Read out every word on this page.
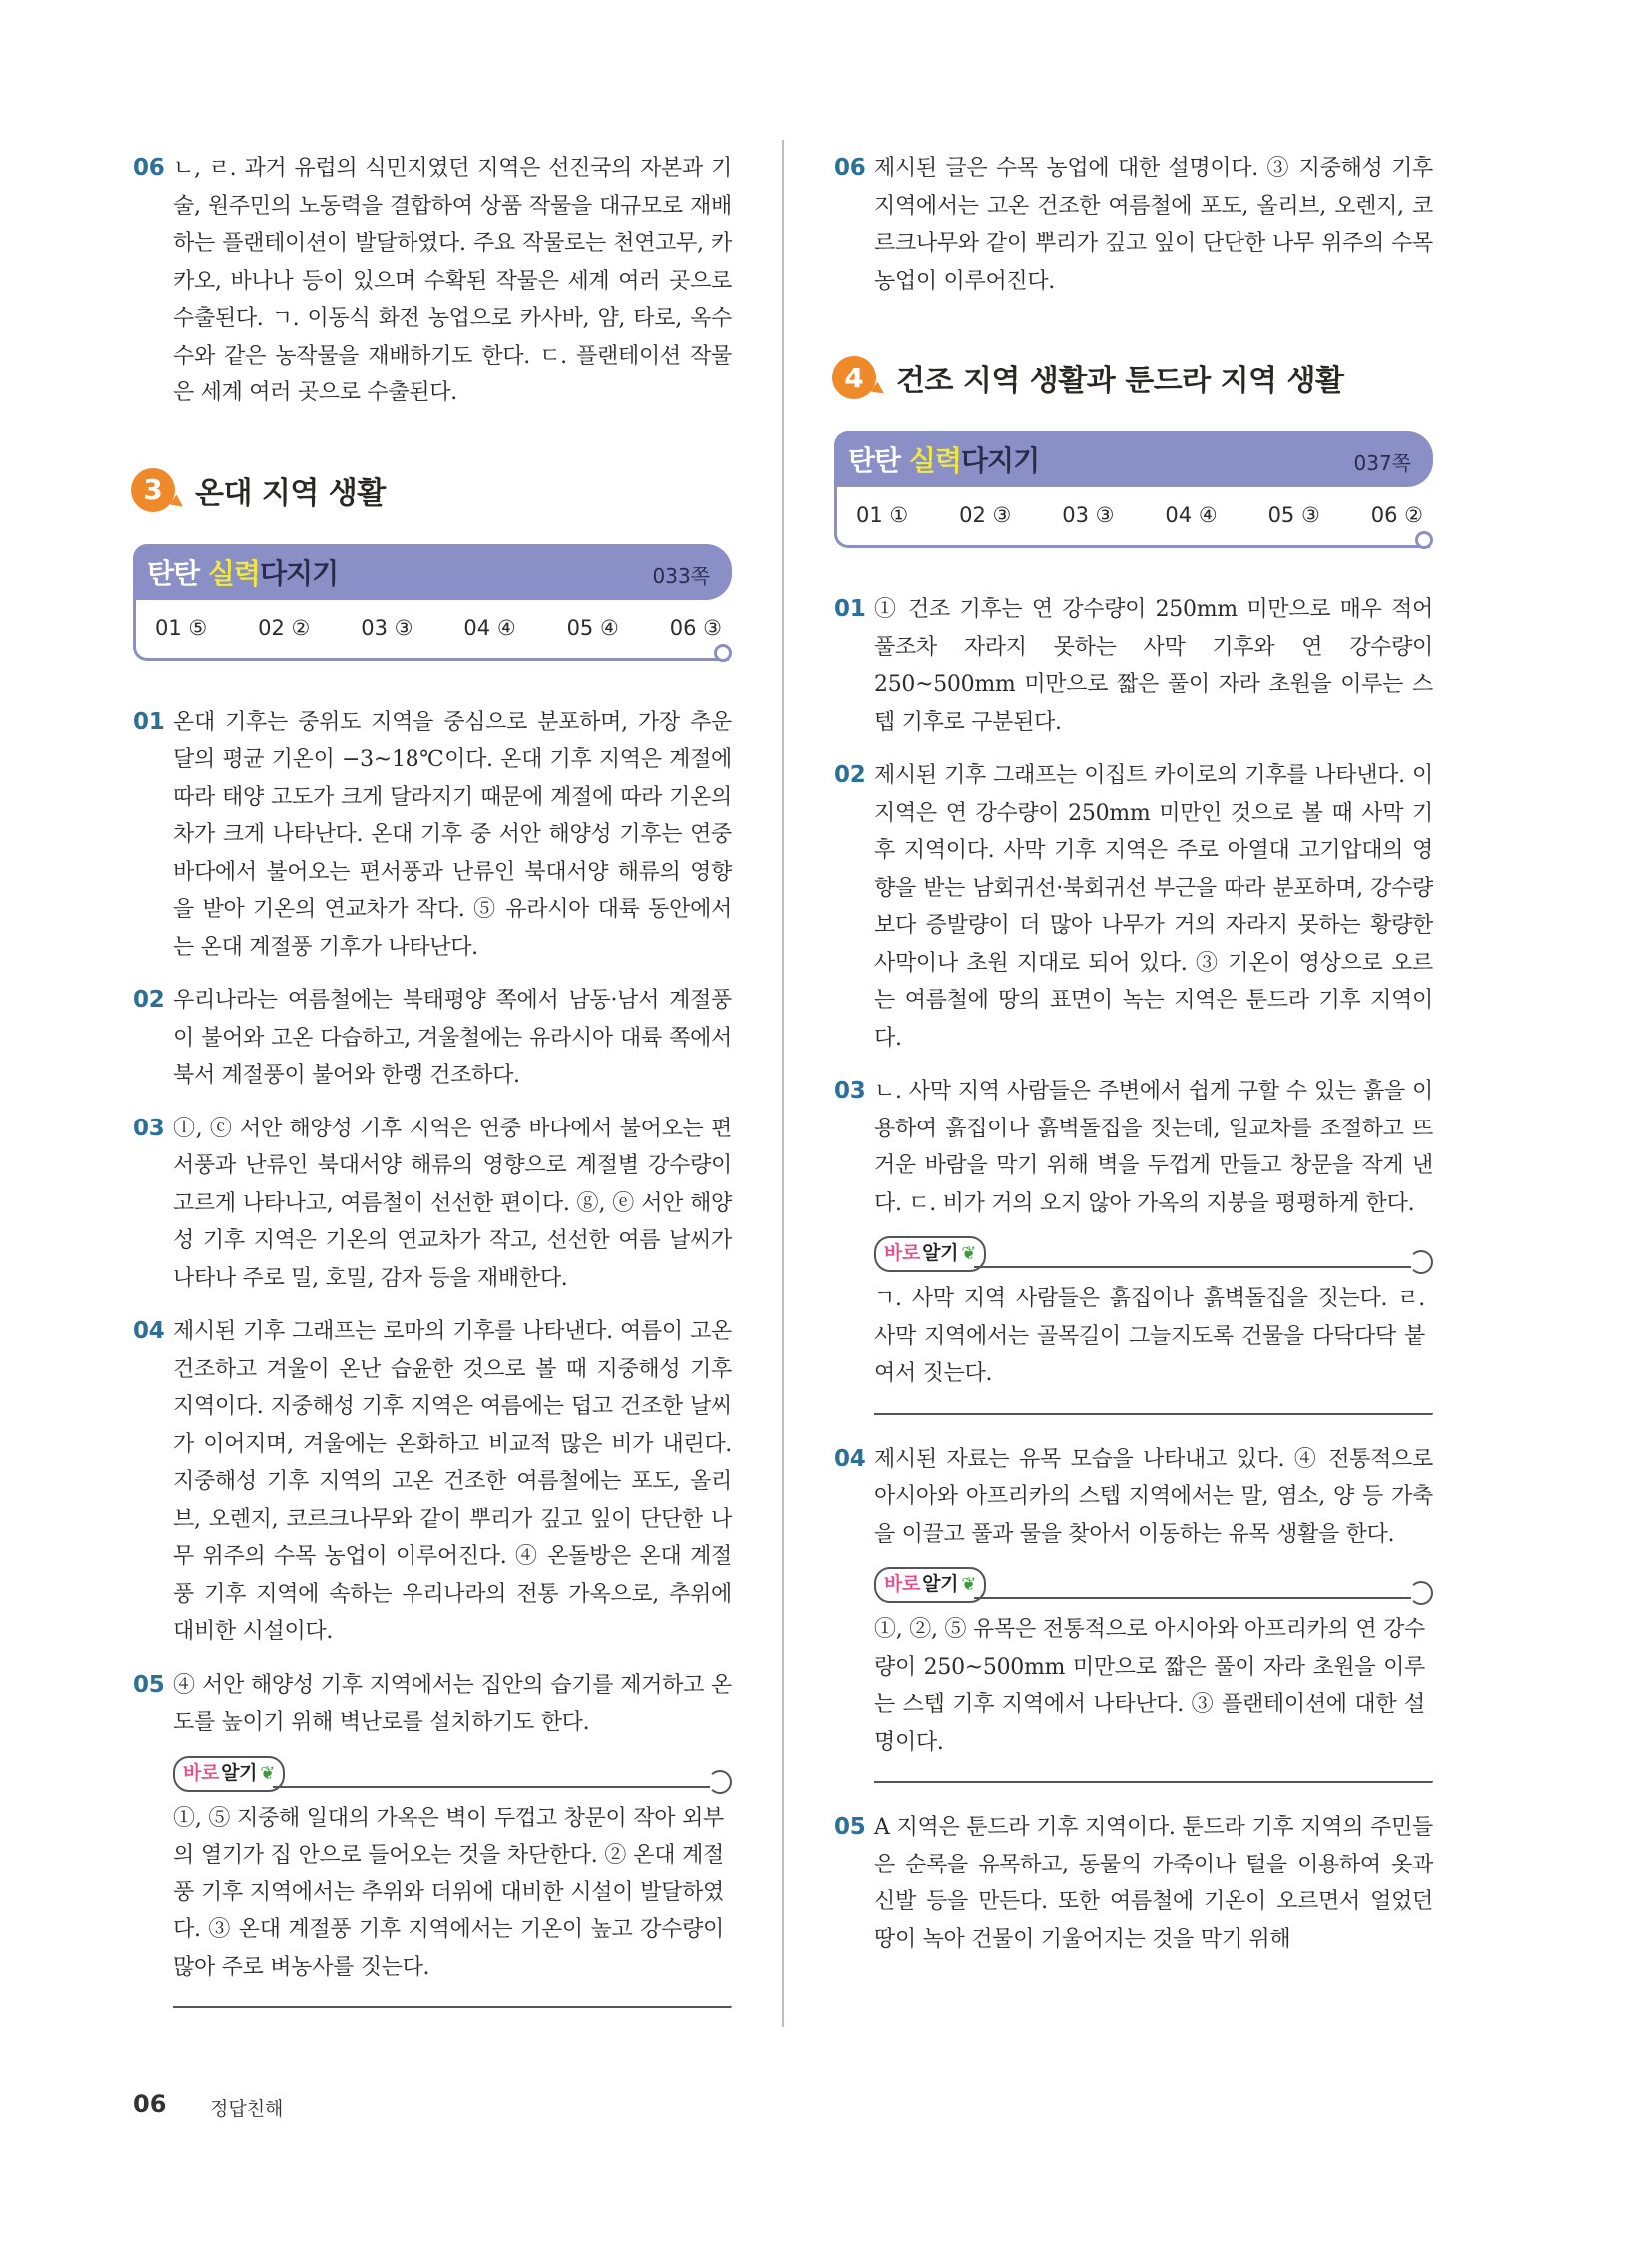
06 ㄴ, ㄹ. 과거 유럽의 식민지였던 지역은 선진국의 자본과 기술, 원주민의 노동력을 결합하여 상품 작물을 대규모로 재배하는 플랜테이션이 발달하였다. 주요 작물로는 천연고무, 카카오, 바나나 등이 있으며 수확된 작물은 세계 여러 곳으로 수출된다. ㄱ. 이동식 화전 농업으로 카사바, 얌, 타로, 옥수수와 같은 농작물을 재배하기도 한다. ㄷ. 플랜테이션 작물은 세계 여러 곳으로 수출된다.
3	온대 지역 생활
탄탄 실력다지기	033쪽
01 ⑤ 02 ② 03 ③ 04 ④ 05 ④ 06 ③
01 온대 기후는 중위도 지역을 중심으로 분포하며, 가장 추운 달의 평균 기온이 −3~18℃이다. 온대 기후 지역은 계절에 따라 태양 고도가 크게 달라지기 때문에 계절에 따라 기온의 차가 크게 나타난다. 온대 기후 중 서안 해양성 기후는 연중 바다에서 불어오는 편서풍과 난류인 북대서양 해류의 영향을 받아 기온의 연교차가 작다. ⑤ 유라시아 대륙 동안에서는 온대 계절풍 기후가 나타난다.
02 우리나라는 여름철에는 북태평양 쪽에서 남동·남서 계절풍이 불어와 고온 다습하고, 겨울철에는 유라시아 대륙 쪽에서 북서 계절풍이 불어와 한랭 건조하다.
03 ⓛ, ⓒ 서안 해양성 기후 지역은 연중 바다에서 불어오는 편서풍과 난류인 북대서양 해류의 영향으로 계절별 강수량이 고르게 나타나고, 여름철이 선선한 편이다. ⓖ, ⓔ 서안 해양성 기후 지역은 기온의 연교차가 작고, 선선한 여름 날씨가 나타나 주로 밀, 호밀, 감자 등을 재배한다.
04 제시된 기후 그래프는 로마의 기후를 나타낸다. 여름이 고온 건조하고 겨울이 온난 습윤한 것으로 볼 때 지중해성 기후 지역이다. 지중해성 기후 지역은 여름에는 덥고 건조한 날씨가 이어지며, 겨울에는 온화하고 비교적 많은 비가 내린다. 지중해성 기후 지역의 고온 건조한 여름철에는 포도, 올리브, 오렌지, 코르크나무와 같이 뿌리가 깊고 잎이 단단한 나무 위주의 수목 농업이 이루어진다. ④ 온돌방은 온대 계절풍 기후 지역에 속하는 우리나라의 전통 가옥으로, 추위에 대비한 시설이다.
05 ④ 서안 해양성 기후 지역에서는 집안의 습기를 제거하고 온도를 높이기 위해 벽난로를 설치하기도 한다.
바로 알기 ❦
①, ⑤ 지중해 일대의 가옥은 벽이 두껍고 창문이 작아 외부의 열기가 집 안으로 들어오는 것을 차단한다. ② 온대 계절풍 기후 지역에서는 추위와 더위에 대비한 시설이 발달하였다. ③ 온대 계절풍 기후 지역에서는 기온이 높고 강수량이 많아 주로 벼농사를 짓는다.
06 제시된 글은 수목 농업에 대한 설명이다. ③ 지중해성 기후 지역에서는 고온 건조한 여름철에 포도, 올리브, 오렌지, 코르크나무와 같이 뿌리가 깊고 잎이 단단한 나무 위주의 수목 농업이 이루어진다.
4	건조 지역 생활과 툰드라 지역 생활
탄탄 실력다지기	037쪽
01 ① 02 ③ 03 ③ 04 ④ 05 ③ 06 ②
01 ① 건조 기후는 연 강수량이 250mm 미만으로 매우 적어 풀조차 자라지 못하는 사막 기후와 연 강수량이 250~500mm 미만으로 짧은 풀이 자라 초원을 이루는 스텝 기후로 구분된다.
02 제시된 기후 그래프는 이집트 카이로의 기후를 나타낸다. 이 지역은 연 강수량이 250mm 미만인 것으로 볼 때 사막 기후 지역이다. 사막 기후 지역은 주로 아열대 고기압대의 영향을 받는 남회귀선·북회귀선 부근을 따라 분포하며, 강수량보다 증발량이 더 많아 나무가 거의 자라지 못하는 황량한 사막이나 초원 지대로 되어 있다. ③ 기온이 영상으로 오르는 여름철에 땅의 표면이 녹는 지역은 툰드라 기후 지역이다.
03 ㄴ. 사막 지역 사람들은 주변에서 쉽게 구할 수 있는 흙을 이용하여 흙집이나 흙벽돌집을 짓는데, 일교차를 조절하고 뜨거운 바람을 막기 위해 벽을 두껍게 만들고 창문을 작게 낸다. ㄷ. 비가 거의 오지 않아 가옥의 지붕을 평평하게 한다.
바로 알기 ❦
ㄱ. 사막 지역 사람들은 흙집이나 흙벽돌집을 짓는다. ㄹ. 사막 지역에서는 골목길이 그늘지도록 건물을 다닥다닥 붙여서 짓는다.
04 제시된 자료는 유목 모습을 나타내고 있다. ④ 전통적으로 아시아와 아프리카의 스텝 지역에서는 말, 염소, 양 등 가축을 이끌고 풀과 물을 찾아서 이동하는 유목 생활을 한다.
바로 알기 ❦
①, ②, ⑤ 유목은 전통적으로 아시아와 아프리카의 연 강수량이 250~500mm 미만으로 짧은 풀이 자라 초원을 이루는 스텝 기후 지역에서 나타난다. ③ 플랜테이션에 대한 설명이다.
05 A 지역은 툰드라 기후 지역이다. 툰드라 기후 지역의 주민들은 순록을 유목하고, 동물의 가죽이나 털을 이용하여 옷과 신발 등을 만든다. 또한 여름철에 기온이 오르면서 얼었던 땅이 녹아 건물이 기울어지는 것을 막기 위해
06 정답친해
